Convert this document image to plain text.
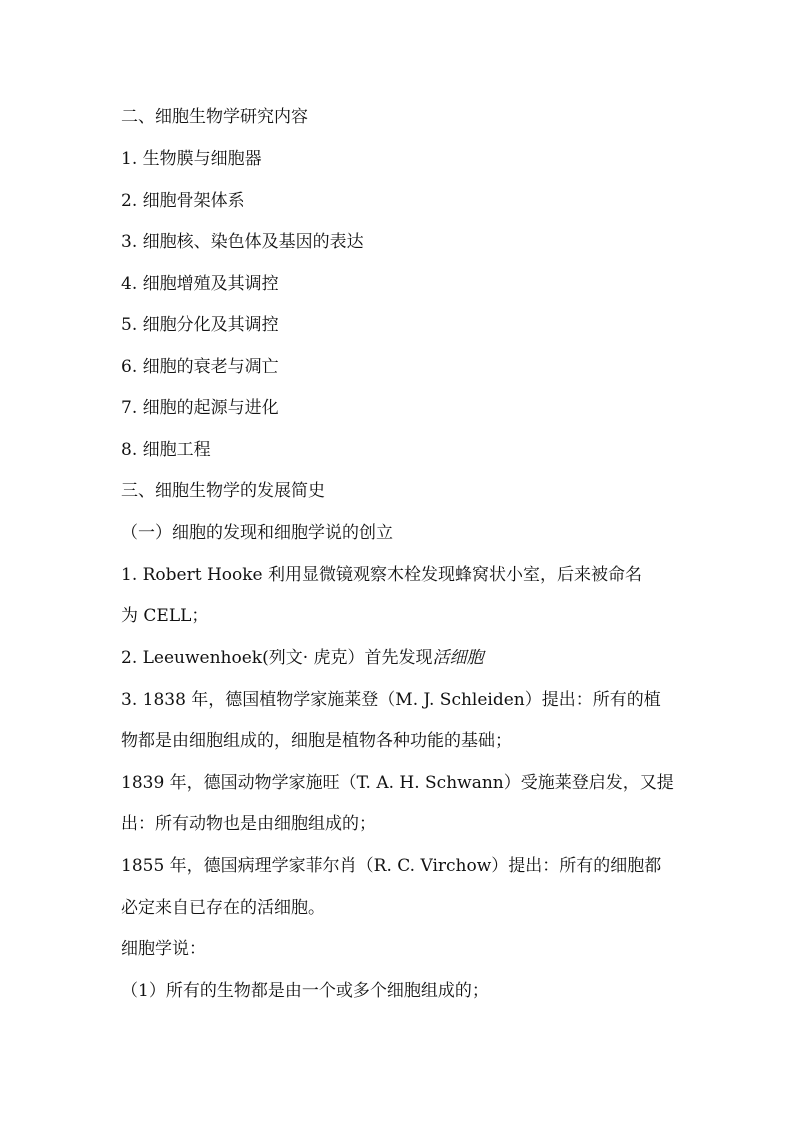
二、细胞生物学研究内容
1. 生物膜与细胞器
2. 细胞骨架体系
3. 细胞核、染色体及基因的表达
4. 细胞增殖及其调控
5. 细胞分化及其调控
6. 细胞的衰老与凋亡
7. 细胞的起源与进化
8. 细胞工程
三、细胞生物学的发展简史
（一）细胞的发现和细胞学说的创立
1. Robert Hooke 利用显微镜观察木栓发现蜂窝状小室，后来被命名
为 CELL；
2. Leeuwenhoek(列文· 虎克）首先发现活细胞
3. 1838 年，德国植物学家施莱登（M. J. Schleiden）提出：所有的植
物都是由细胞组成的，细胞是植物各种功能的基础；
1839 年，德国动物学家施旺（T. A. H. Schwann）受施莱登启发，又提
出：所有动物也是由细胞组成的；
1855 年，德国病理学家菲尔肖（R. C. Virchow）提出：所有的细胞都
必定来自已存在的活细胞。
细胞学说：
（1）所有的生物都是由一个或多个细胞组成的；
